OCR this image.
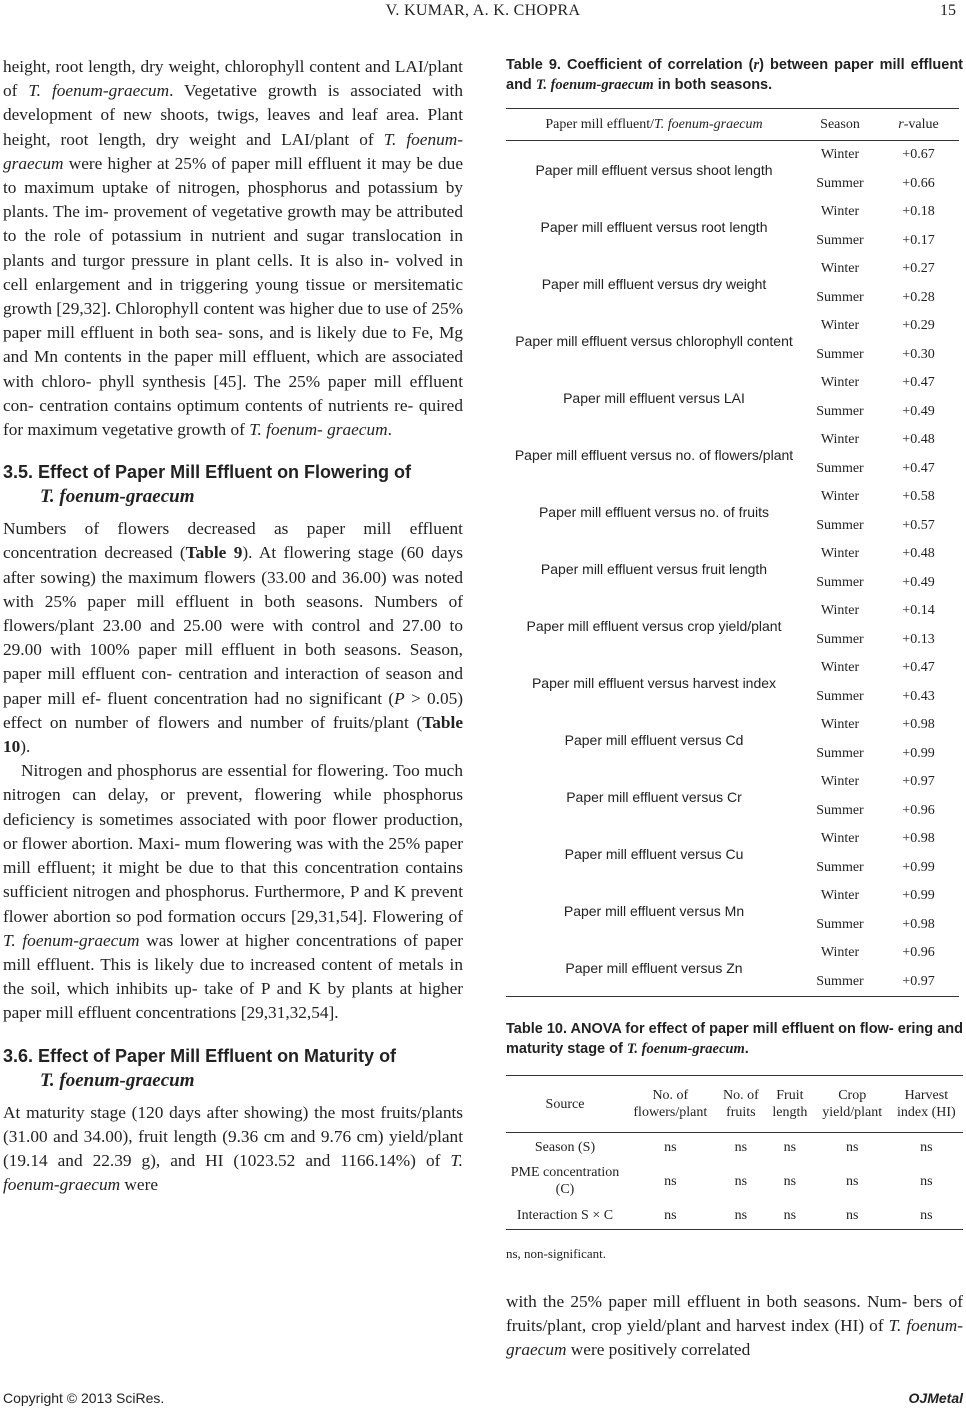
V. KUMAR, A. K. CHOPRA	15

height, root length, dry weight, chlorophyll content and LAI/plant of T. foenum-graecum. Vegetative growth is associated with development of new shoots, twigs, leaves and leaf area. Plant height, root length, dry weight and LAI/plant of T. foenum-graecum were higher at 25% of paper mill effluent it may be due to maximum uptake of nitrogen, phosphorus and potassium by plants. The im- provement of vegetative growth may be attributed to the role of potassium in nutrient and sugar translocation in plants and turgor pressure in plant cells. It is also in- volved in cell enlargement and in triggering young tissue or mersitematic growth [29,32]. Chlorophyll content was higher due to use of 25% paper mill effluent in both sea- sons, and is likely due to Fe, Mg and Mn contents in the paper mill effluent, which are associated with chloro- phyll synthesis [45]. The 25% paper mill effluent con- centration contains optimum contents of nutrients re- quired for maximum vegetative growth of T. foenum- graecum.

3.5. Effect of Paper Mill Effluent on Flowering of
T. foenum-graecum

Numbers of flowers decreased as paper mill effluent concentration decreased (Table 9). At flowering stage (60 days after sowing) the maximum flowers (33.00 and 36.00) was noted with 25% paper mill effluent in both seasons. Numbers of flowers/plant 23.00 and 25.00 were with control and 27.00 to 29.00 with 100% paper mill effluent in both seasons. Season, paper mill effluent con- centration and interaction of season and paper mill ef- fluent concentration had no significant (P > 0.05) effect on number of flowers and number of fruits/plant (Table 10).

Nitrogen and phosphorus are essential for flowering. Too much nitrogen can delay, or prevent, flowering while phosphorus deficiency is sometimes associated with poor flower production, or flower abortion. Maxi- mum flowering was with the 25% paper mill effluent; it might be due to that this concentration contains sufficient nitrogen and phosphorus. Furthermore, P and K prevent flower abortion so pod formation occurs [29,31,54]. Flowering of T. foenum-graecum was lower at higher concentrations of paper mill effluent. This is likely due to increased content of metals in the soil, which inhibits up- take of P and K by plants at higher paper mill effluent concentrations [29,31,32,54].

3.6. Effect of Paper Mill Effluent on Maturity of
T. foenum-graecum

At maturity stage (120 days after showing) the most fruits/plants (31.00 and 34.00), fruit length (9.36 cm and 9.76 cm) yield/plant (19.14 and 22.39 g), and HI (1023.52 and 1166.14%) of T. foenum-graecum were

Table 9. Coefficient of correlation (r) between paper mill effluent and T. foenum-graecum in both seasons.
Paper mill effluent/T. foenum-graecum	Season	r-value
Paper mill effluent versus shoot length	Winter	+0.67
	Summer	+0.66
Paper mill effluent versus root length	Winter	+0.18
	Summer	+0.17
Paper mill effluent versus dry weight	Winter	+0.27
	Summer	+0.28
Paper mill effluent versus chlorophyll content	Winter	+0.29
	Summer	+0.30
Paper mill effluent versus LAI	Winter	+0.47
	Summer	+0.49
Paper mill effluent versus no. of flowers/plant	Winter	+0.48
	Summer	+0.47
Paper mill effluent versus no. of fruits	Winter	+0.58
	Summer	+0.57
Paper mill effluent versus fruit length	Winter	+0.48
	Summer	+0.49
Paper mill effluent versus crop yield/plant	Winter	+0.14
	Summer	+0.13
Paper mill effluent versus harvest index	Winter	+0.47
	Summer	+0.43
Paper mill effluent versus Cd	Winter	+0.98
	Summer	+0.99
Paper mill effluent versus Cr	Winter	+0.97
	Summer	+0.96
Paper mill effluent versus Cu	Winter	+0.98
	Summer	+0.99
Paper mill effluent versus Mn	Winter	+0.99
	Summer	+0.98
Paper mill effluent versus Zn	Winter	+0.96
	Summer	+0.97
Table 10. ANOVA for effect of paper mill effluent on flow- ering and maturity stage of T. foenum-graecum.
Source	No. of flowers/plant	No. of fruits	Fruit length	Crop yield/plant	Harvest index (HI)
Season (S)	ns	ns	ns	ns	ns
PME concentration (C)	ns	ns	ns	ns	ns
Interaction S × C	ns	ns	ns	ns	ns
ns, non-significant.
with the 25% paper mill effluent in both seasons. Num- bers of fruits/plant, crop yield/plant and harvest index (HI) of T. foenum-graecum were positively correlated
Copyright © 2013 SciRes.	OJMetal
